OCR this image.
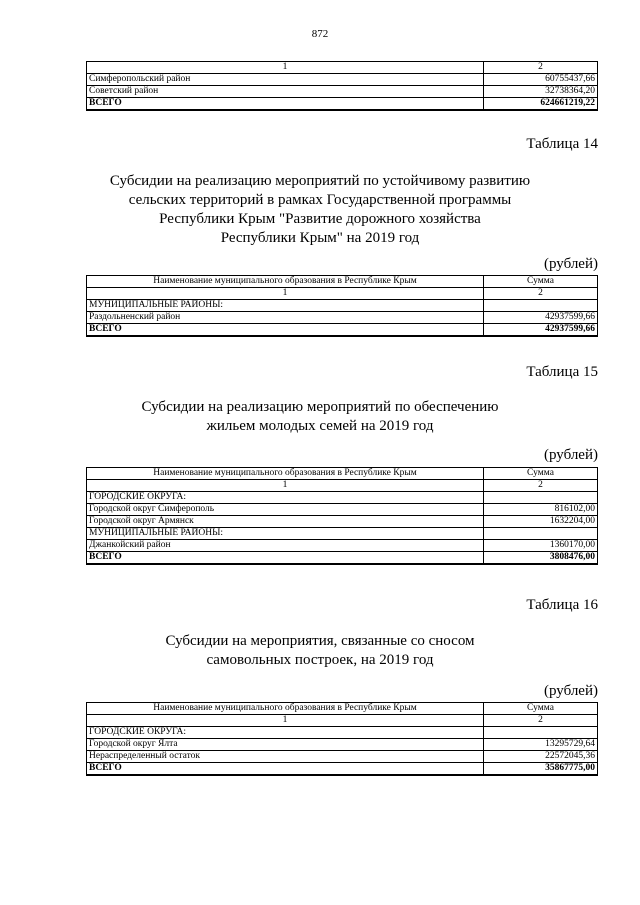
872
1	2
Симферопольский район	60755437,66
Советский район	32738364,20
ВСЕГО	624661219,22
Таблица 14
Субсидии на реализацию мероприятий по устойчивому развитию
сельских территорий в рамках Государственной программы
Республики Крым "Развитие дорожного хозяйства
Республики Крым" на 2019 год
(рублей)
Наименование муниципального образования в Республике Крым	Сумма
1	2
МУНИЦИПАЛЬНЫЕ РАЙОНЫ:	
Раздольненский район	42937599,66
ВСЕГО	42937599,66
Таблица 15
Субсидии на реализацию мероприятий по обеспечению
жильем молодых семей на 2019 год
(рублей)
Наименование муниципального образования в Республике Крым	Сумма
1	2
ГОРОДСКИЕ ОКРУГА:	
Городской округ Симферополь	816102,00
Городской округ Армянск	1632204,00
МУНИЦИПАЛЬНЫЕ РАЙОНЫ:	
Джанкойский район	1360170,00
ВСЕГО	3808476,00
Таблица 16
Субсидии на мероприятия, связанные со сносом
самовольных построек, на 2019 год
(рублей)
Наименование муниципального образования в Республике Крым	Сумма
1	2
ГОРОДСКИЕ ОКРУГА:	
Городской округ Ялта	13295729,64
Нераспределенный остаток	22572045,36
ВСЕГО	35867775,00
